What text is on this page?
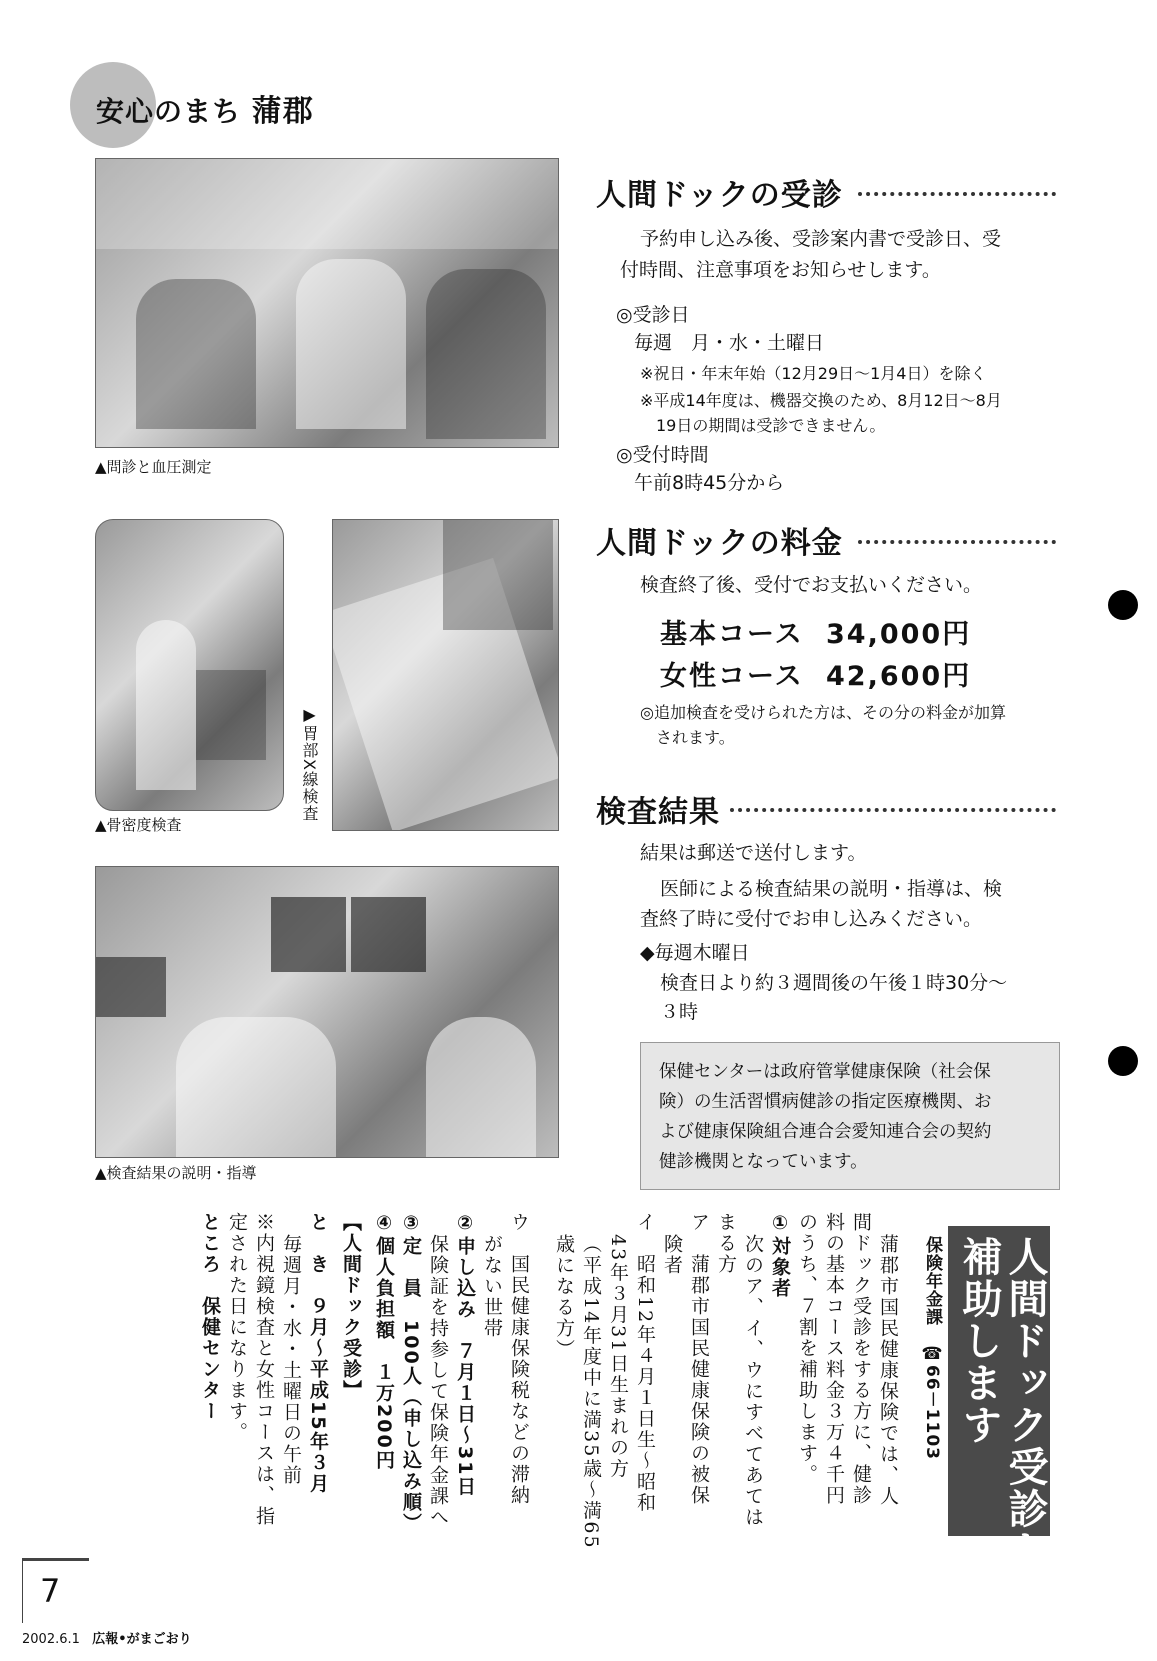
安心のまち 蒲郡
▲問診と血圧測定
▲骨密度検査
▶胃部X線検査
▲検査結果の説明・指導
人間ドックの受診
予約申し込み後、受診案内書で受診日、受
付時間、注意事項をお知らせします。
◎受診日
毎週　月・水・土曜日
※祝日・年末年始（12月29日～1月4日）を除く
※平成14年度は、機器交換のため、8月12日～8月
19日の期間は受診できません。
◎受付時間
午前8時45分から
人間ドックの料金
検査終了後、受付でお支払いください。
基本コース 34,000円
女性コース 42,600円
◎追加検査を受けられた方は、その分の料金が加算
されます。
検査結果
結果は郵送で送付します。
医師による検査結果の説明・指導は、検
査終了時に受付でお申し込みください。
◆毎週木曜日
検査日より約３週間後の午後１時30分～
３時
保健センターは政府管掌健康保険（社会保
険）の生活習慣病健診の指定医療機関、お
よび健康保険組合連合会愛知連合会の契約
健診機関となっています。
人間ドック受診を
補助します
保険年金課　☎66－1103
蒲郡市国民健康保険では、人
間ドック受診をする方に、健診
料の基本コース料金３万４千円
のうち、７割を補助します。
①対象者
次のア、イ、ウにすべてあては
まる方
ア　蒲郡市国民健康保険の被保
険者
イ　昭和12年４月１日生～昭和
43年３月31日生まれの方
（平成14年度中に満35歳～満65
歳になる方）
ウ　国民健康保険税などの滞納
がない世帯
②申し込み　７月１日～31日
保険証を持参して保険年金課へ
③定　員　100人（申し込み順）
④個人負担額　１万200円
【人間ドック受診】
と　き　９月～平成15年３月
毎週月・水・土曜日の午前
※内視鏡検査と女性コースは、指
定された日になります。
ところ　保健センター
7
2002.6.1 広報•がまごおり
